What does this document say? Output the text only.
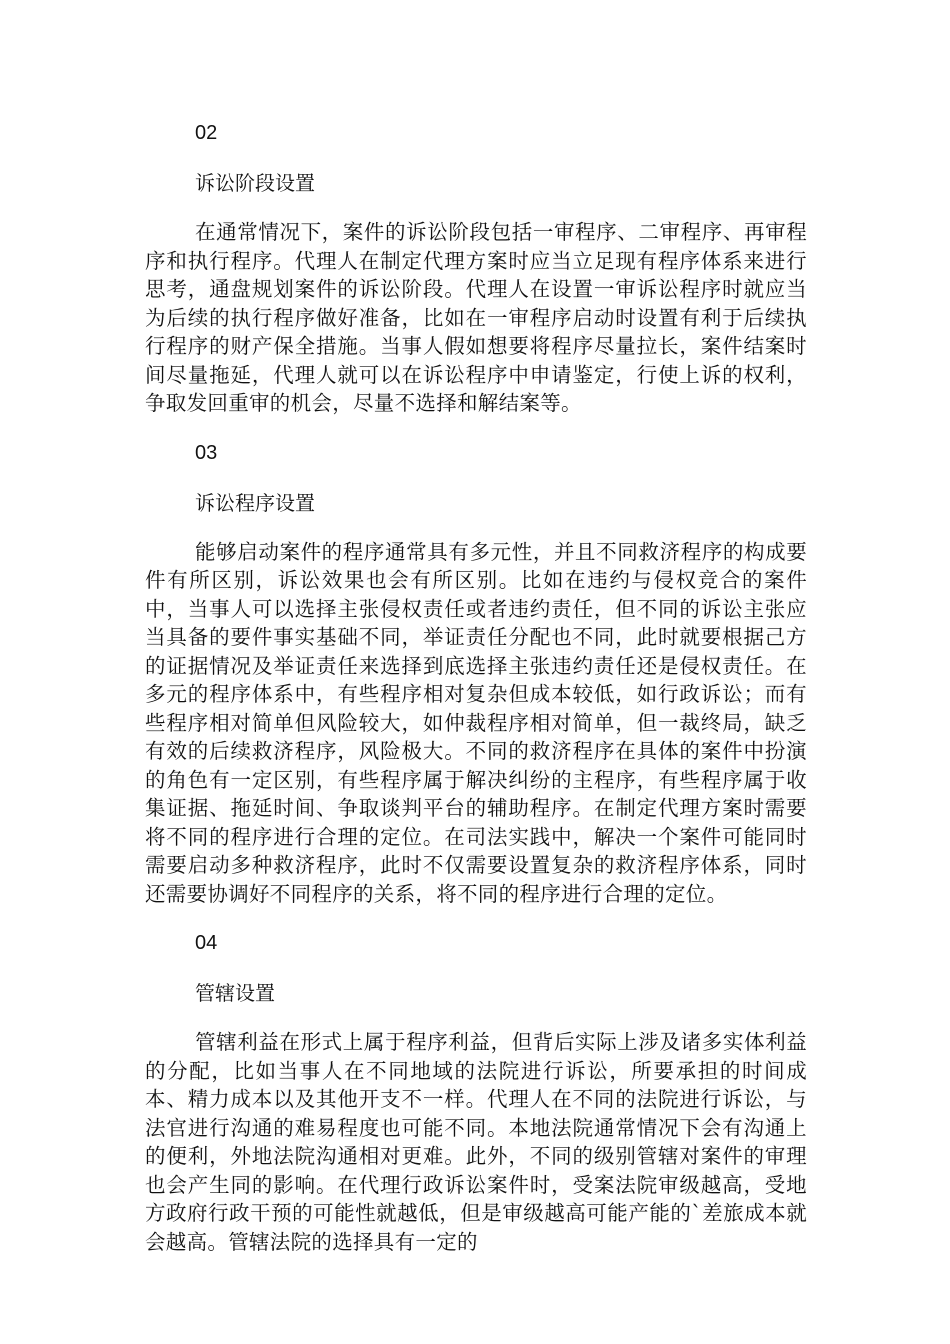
02
诉讼阶段设置

在通常情况下，案件的诉讼阶段包括一审程序、二审程序、再审程序和执行程序。代理人在制定代理方案时应当立足现有程序体系来进行思考，通盘规划案件的诉讼阶段。代理人在设置一审诉讼程序时就应当为后续的执行程序做好准备，比如在一审程序启动时设置有利于后续执行程序的财产保全措施。当事人假如想要将程序尽量拉长，案件结案时间尽量拖延，代理人就可以在诉讼程序中申请鉴定，行使上诉的权利，争取发回重审的机会，尽量不选择和解结案等。

03
诉讼程序设置

能够启动案件的程序通常具有多元性，并且不同救济程序的构成要件有所区别，诉讼效果也会有所区别。比如在违约与侵权竞合的案件中，当事人可以选择主张侵权责任或者违约责任，但不同的诉讼主张应当具备的要件事实基础不同，举证责任分配也不同，此时就要根据己方的证据情况及举证责任来选择到底选择主张违约责任还是侵权责任。在多元的程序体系中，有些程序相对复杂但成本较低，如行政诉讼；而有些程序相对简单但风险较大，如仲裁程序相对简单，但一裁终局，缺乏有效的后续救济程序，风险极大。不同的救济程序在具体的案件中扮演的角色有一定区别，有些程序属于解决纠纷的主程序，有些程序属于收集证据、拖延时间、争取谈判平台的辅助程序。在制定代理方案时需要将不同的程序进行合理的定位。在司法实践中，解决一个案件可能同时需要启动多种救济程序，此时不仅需要设置复杂的救济程序体系，同时还需要协调好不同程序的关系，将不同的程序进行合理的定位。

04
管辖设置

管辖利益在形式上属于程序利益，但背后实际上涉及诸多实体利益的分配，比如当事人在不同地域的法院进行诉讼，所要承担的时间成本、精力成本以及其他开支不一样。代理人在不同的法院进行诉讼，与法官进行沟通的难易程度也可能不同。本地法院通常情况下会有沟通上的便利，外地法院沟通相对更难。此外，不同的级别管辖对案件的审理也会产生同的影响。在代理行政诉讼案件时，受案法院审级越高，受地方政府行政干预的可能性就越低，但是审级越高可能产能的`差旅成本就会越高。管辖法院的选择具有一定的
